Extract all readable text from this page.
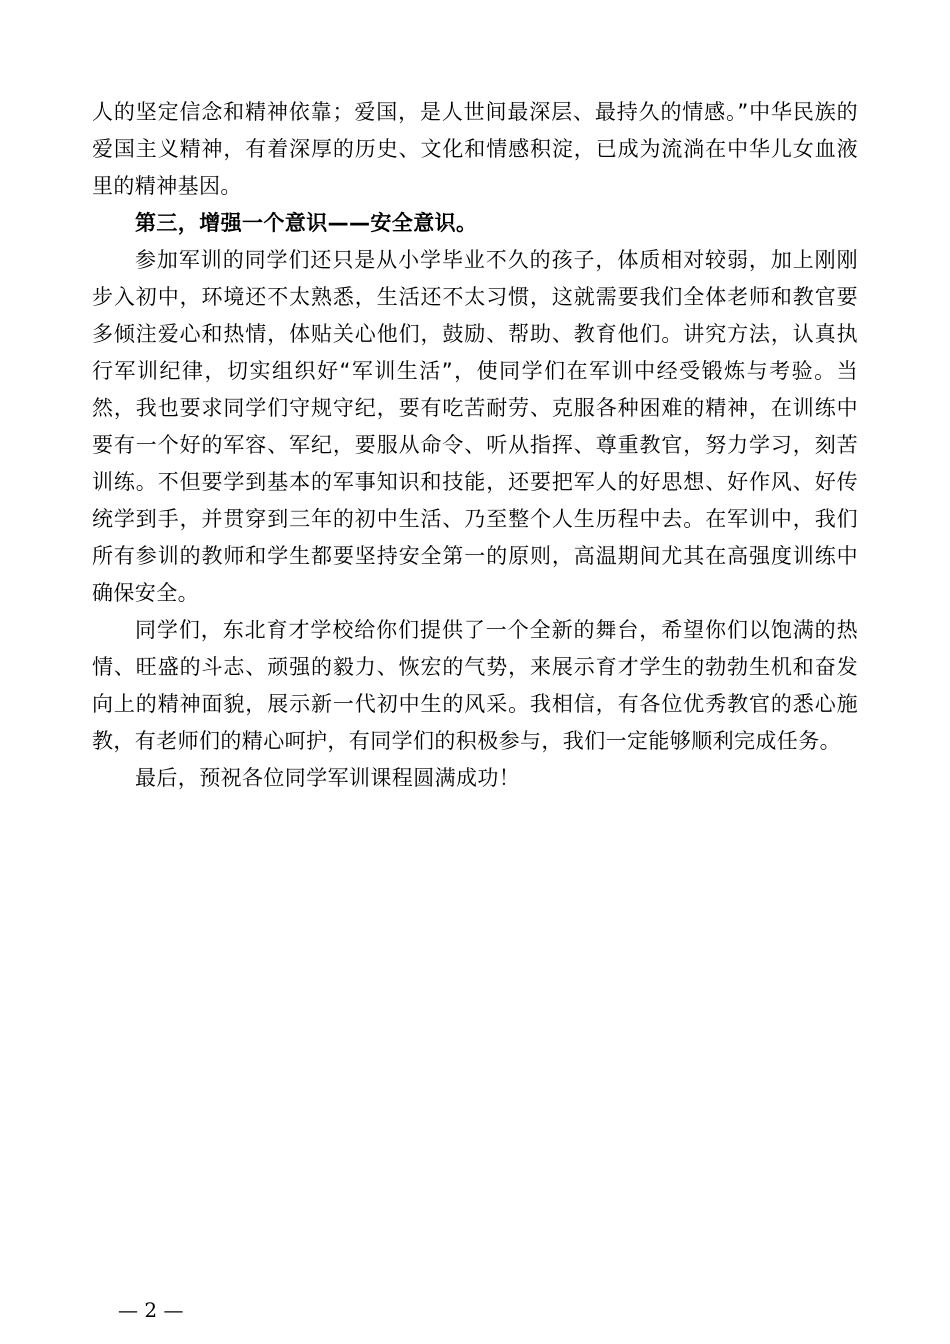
人的坚定信念和精神依靠；爱国，是人世间最深层、最持久的情感。”中华民族的爱国主义精神，有着深厚的历史、文化和情感积淀，已成为流淌在中华儿女血液里的精神基因。

第三，增强一个意识——安全意识。

参加军训的同学们还只是从小学毕业不久的孩子，体质相对较弱，加上刚刚步入初中，环境还不太熟悉，生活还不太习惯，这就需要我们全体老师和教官要多倾注爱心和热情，体贴关心他们，鼓励、帮助、教育他们。讲究方法，认真执行军训纪律，切实组织好“军训生活”，使同学们在军训中经受锻炼与考验。当然，我也要求同学们守规守纪，要有吃苦耐劳、克服各种困难的精神，在训练中要有一个好的军容、军纪，要服从命令、听从指挥、尊重教官，努力学习，刻苦训练。不但要学到基本的军事知识和技能，还要把军人的好思想、好作风、好传统学到手，并贯穿到三年的初中生活、乃至整个人生历程中去。在军训中，我们所有参训的教师和学生都要坚持安全第一的原则，高温期间尤其在高强度训练中确保安全。

同学们，东北育才学校给你们提供了一个全新的舞台，希望你们以饱满的热情、旺盛的斗志、顽强的毅力、恢宏的气势，来展示育才学生的勃勃生机和奋发向上的精神面貌，展示新一代初中生的风采。我相信，有各位优秀教官的悉心施教，有老师们的精心呵护，有同学们的积极参与，我们一定能够顺利完成任务。

最后，预祝各位同学军训课程圆满成功！

— 2 —
